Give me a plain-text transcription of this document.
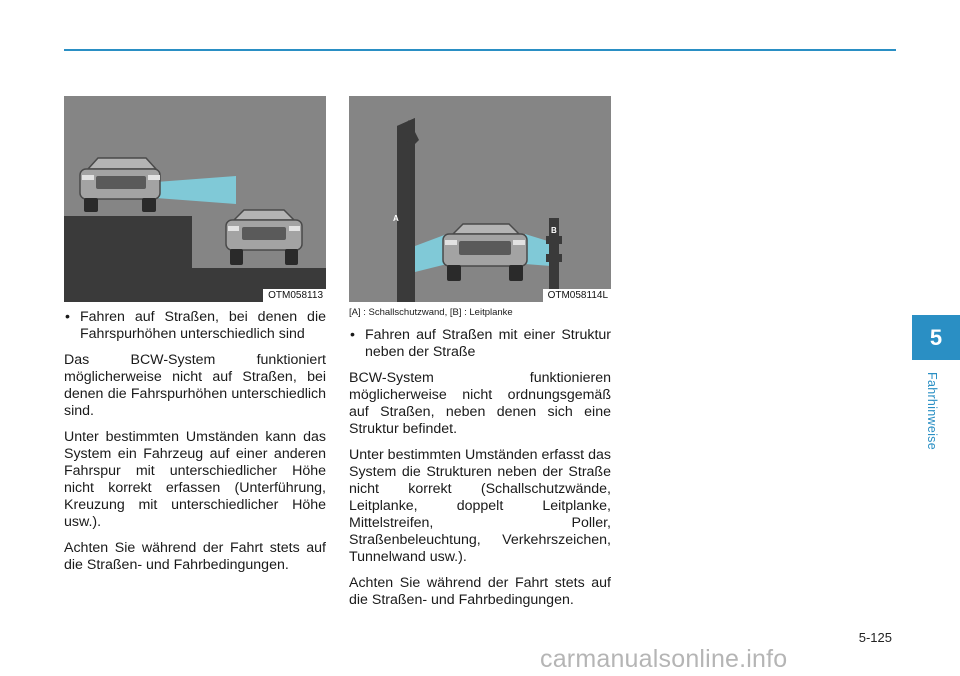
OTM058113
A
B
OTM058114L
• Fahren auf Straßen, bei denen die Fahrspurhöhen unterschiedlich sind

Das BCW-System funktioniert möglicherweise nicht auf Straßen, bei denen die Fahrspurhöhen unterschiedlich sind.

Unter bestimmten Umständen kann das System ein Fahrzeug auf einer anderen Fahrspur mit unterschiedlicher Höhe nicht korrekt erfassen (Unterführung, Kreuzung mit unterschiedlicher Höhe usw.).

Achten Sie während der Fahrt stets auf die Straßen- und Fahrbedingungen.

[A] : Schallschutzwand, [B] : Leitplanke
• Fahren auf Straßen mit einer Struktur neben der Straße

BCW-System funktionieren möglicherweise nicht ordnungsgemäß auf Straßen, neben denen sich eine Struktur befindet.

Unter bestimmten Umständen erfasst das System die Strukturen neben der Straße nicht korrekt (Schallschutzwände, Leitplanke, doppelt Leitplanke, Mittelstreifen, Poller, Straßenbeleuchtung, Verkehrszeichen, Tunnelwand usw.).

Achten Sie während der Fahrt stets auf die Straßen- und Fahrbedingungen.

5
Fahrhinweise
5-125
carmanualsonline.info
